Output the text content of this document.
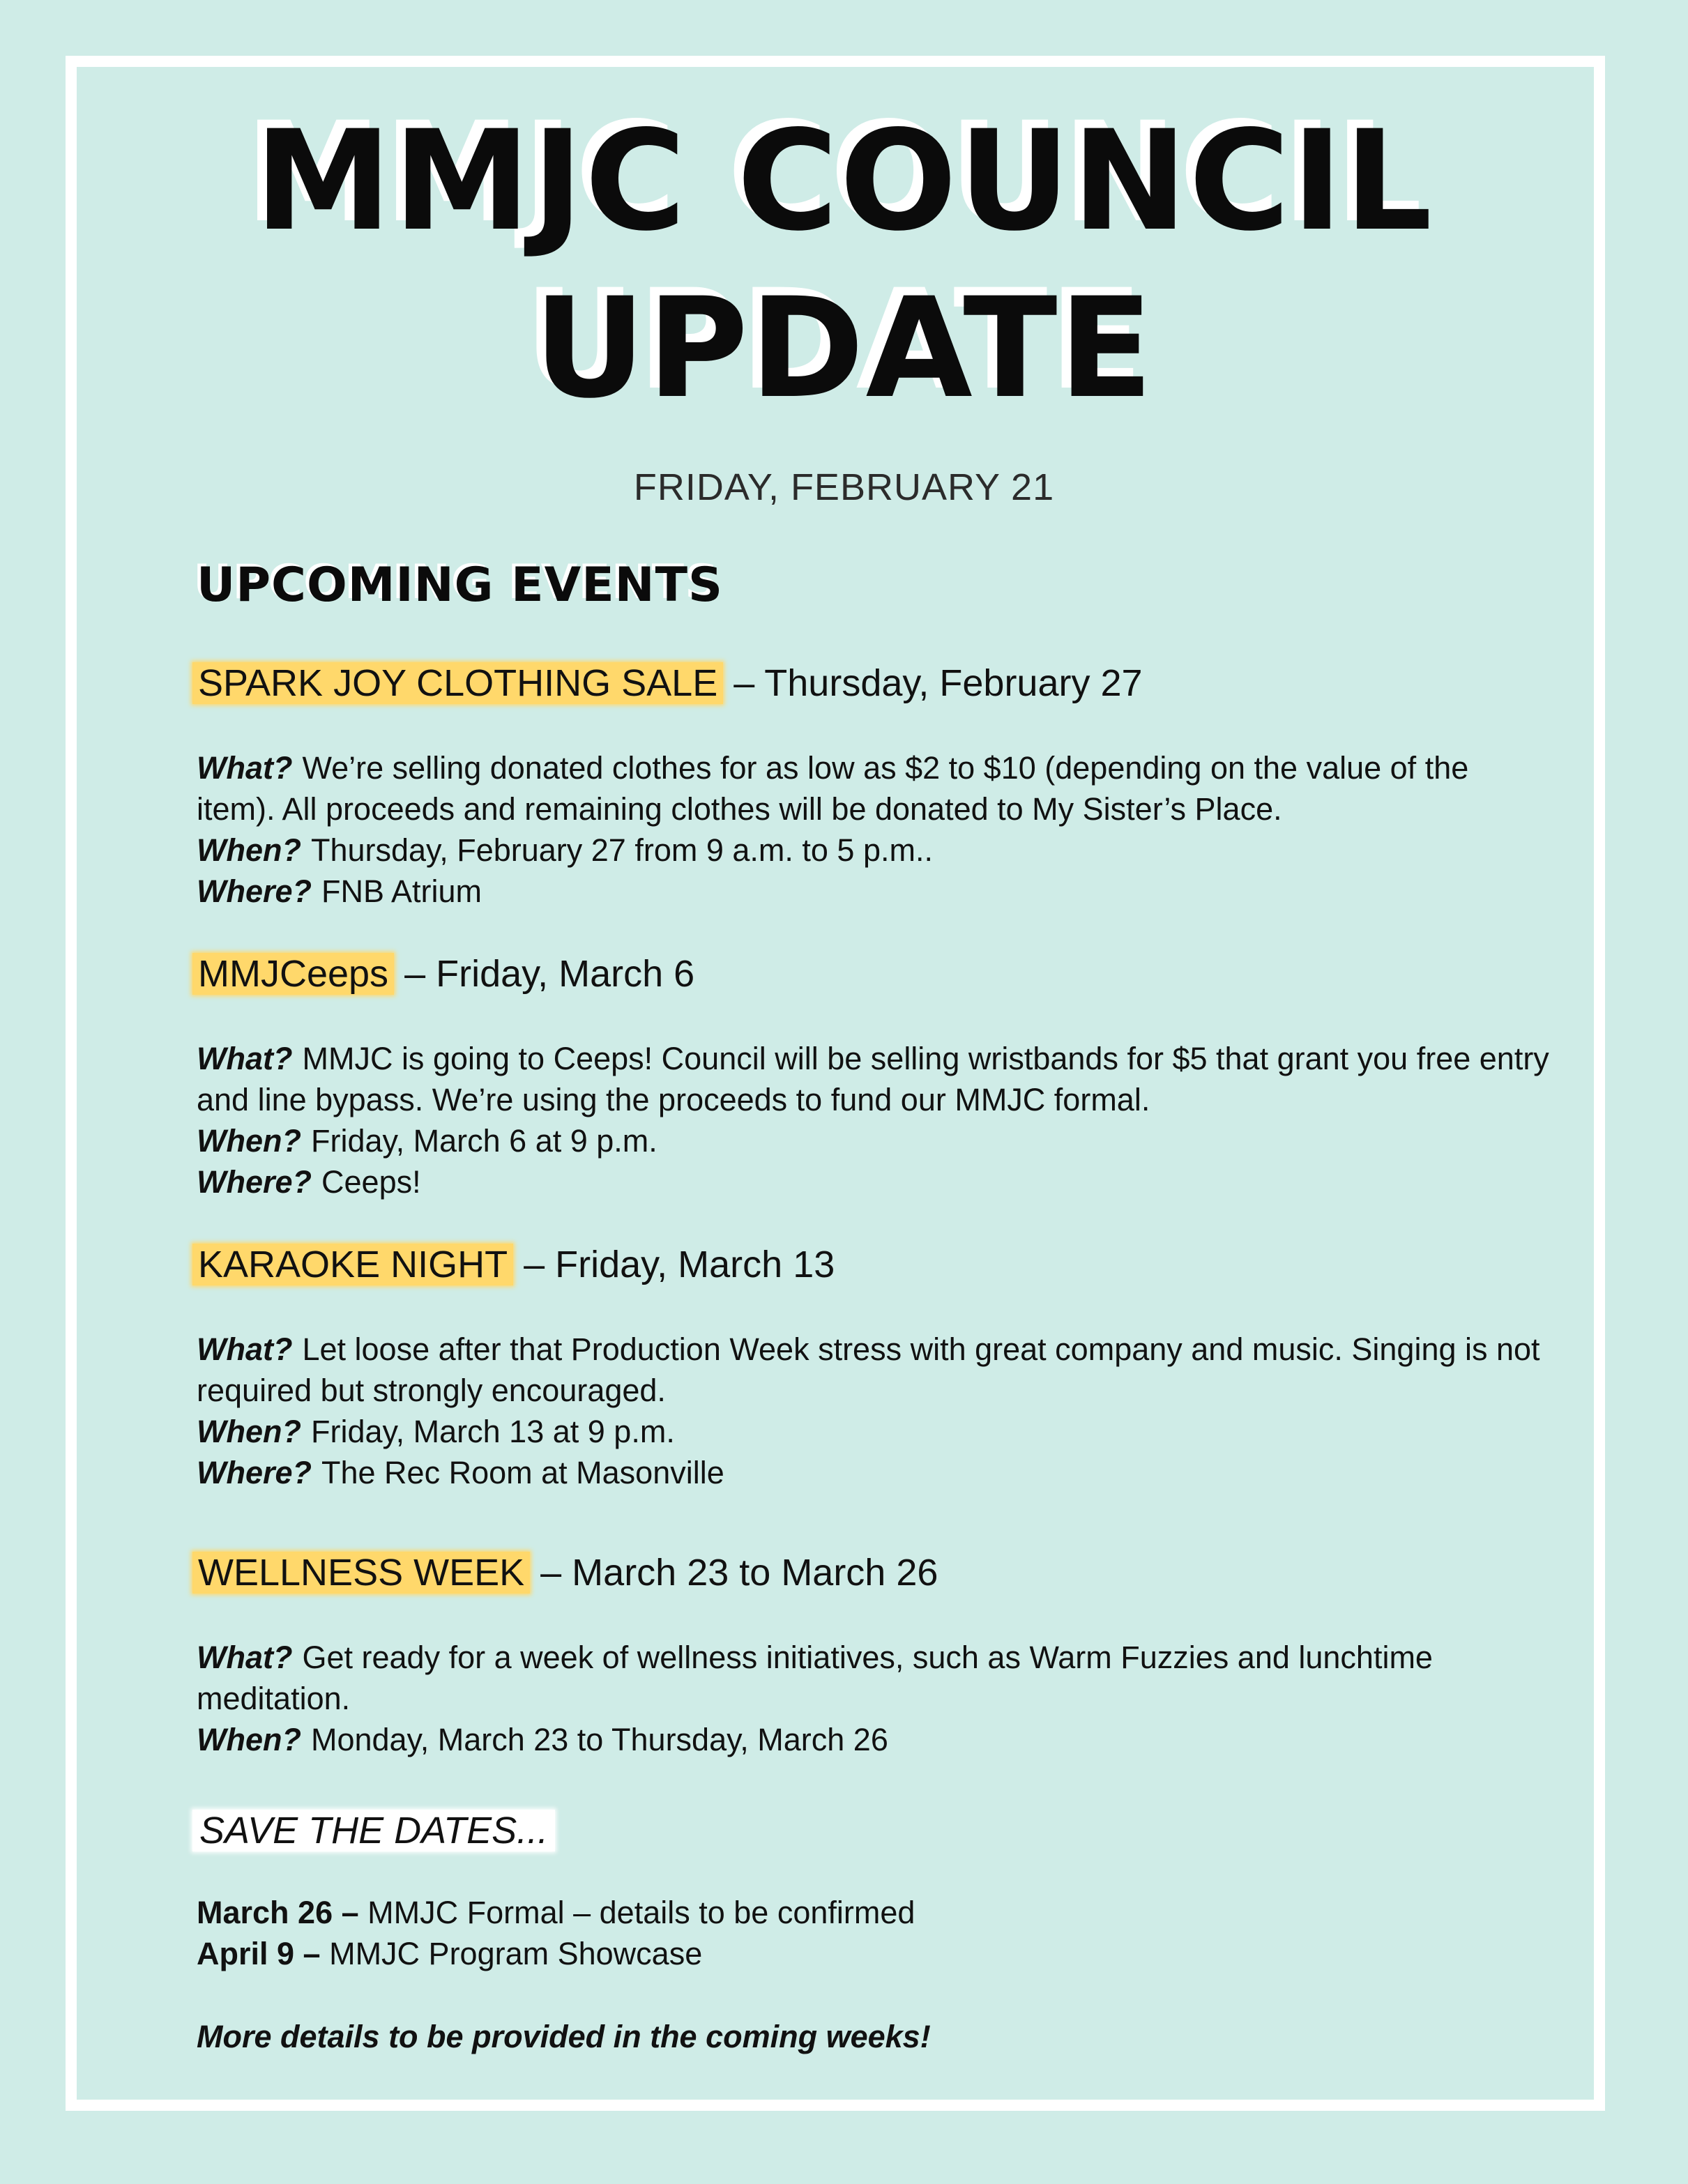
MMJC COUNCIL
UPDATE
FRIDAY, FEBRUARY 21
UPCOMING EVENTS
SPARK JOY CLOTHING SALE – Thursday, February 27

What? We’re selling donated clothes for as low as $2 to $10 (depending on the value of the item). All proceeds and remaining clothes will be donated to My Sister’s Place.

When? Thursday, February 27 from 9 a.m. to 5 p.m..

Where? FNB Atrium

MMJCeeps – Friday, March 6

What? MMJC is going to Ceeps! Council will be selling wristbands for $5 that grant you free entry and line bypass. We’re using the proceeds to fund our MMJC formal.

When? Friday, March 6 at 9 p.m.

Where? Ceeps!

KARAOKE NIGHT – Friday, March 13

What? Let loose after that Production Week stress with great company and music. Singing is not required but strongly encouraged.

When? Friday, March 13 at 9 p.m.

Where? The Rec Room at Masonville

WELLNESS WEEK – March 23 to March 26

What? Get ready for a week of wellness initiatives, such as Warm Fuzzies and lunchtime meditation.

When? Monday, March 23 to Thursday, March 26

SAVE THE DATES...

March 26 – MMJC Formal – details to be confirmed

April 9 – MMJC Program Showcase

More details to be provided in the coming weeks!
